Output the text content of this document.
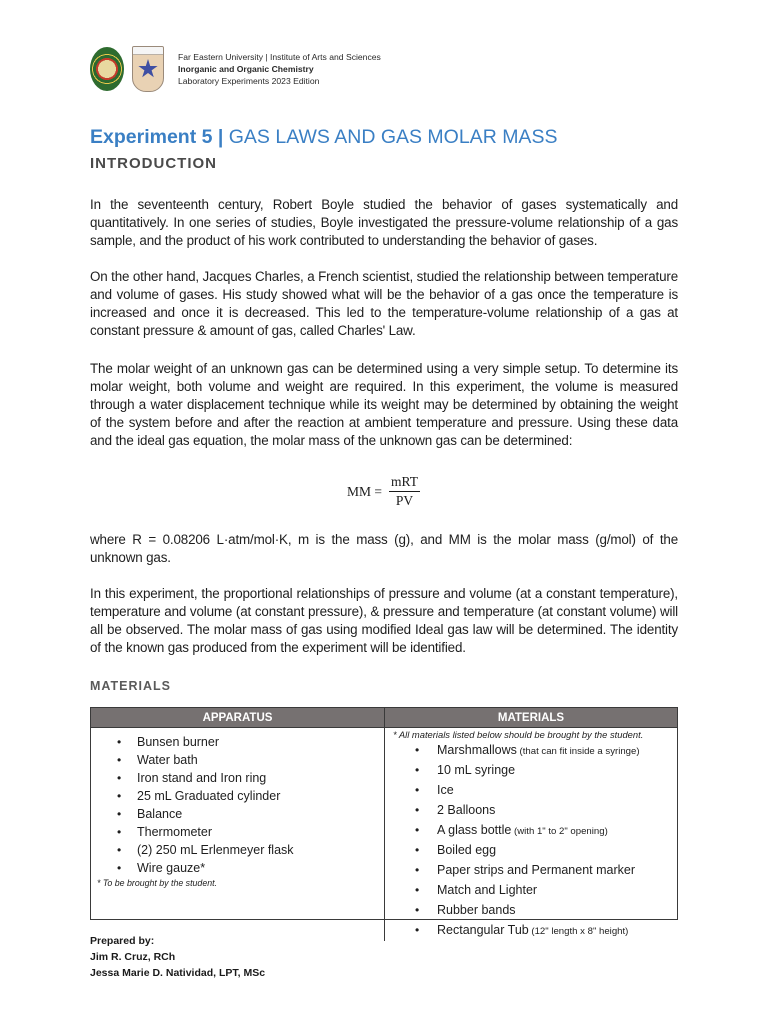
Far Eastern University | Institute of Arts and Sciences
Inorganic and Organic Chemistry
Laboratory Experiments 2023 Edition
Experiment 5 | GAS LAWS AND GAS MOLAR MASS
INTRODUCTION
In the seventeenth century, Robert Boyle studied the behavior of gases systematically and quantitatively. In one series of studies, Boyle investigated the pressure-volume relationship of a gas sample, and the product of his work contributed to understanding the behavior of gases.
On the other hand, Jacques Charles, a French scientist, studied the relationship between temperature and volume of gases. His study showed what will be the behavior of a gas once the temperature is increased and once it is decreased. This led to the temperature-volume relationship of a gas at constant pressure & amount of gas, called Charles' Law.
The molar weight of an unknown gas can be determined using a very simple setup. To determine its molar weight, both volume and weight are required. In this experiment, the volume is measured through a water displacement technique while its weight may be determined by obtaining the weight of the system before and after the reaction at ambient temperature and pressure. Using these data and the ideal gas equation, the molar mass of the unknown gas can be determined:
MM = $\frac{\text{mRT}}{PV}$
where R = 0.08206 L·atm/mol·K, m is the mass (g), and MM is the molar mass (g/mol) of the unknown gas.
In this experiment, the proportional relationships of pressure and volume (at a constant temperature), temperature and volume (at constant pressure), & pressure and temperature (at constant volume) will all be observed. The molar mass of gas using modified Ideal gas law will be determined. The identity of the known gas produced from the experiment will be identified.
MATERIALS
APPARATUS	MATERIALS
• Bunsen burner
• Water bath
• Iron stand and Iron ring
• 25 mL Graduated cylinder
• Balance
• Thermometer
• (2) 250 mL Erlenmeyer flask
• Wire gauze*
* To be brought by the student.
* All materials listed below should be brought by the student.
• Marshmallows (that can fit inside a syringe)
• 10 mL syringe
• Ice
• 2 Balloons
• A glass bottle (with 1" to 2" opening)
• Boiled egg
• Paper strips and Permanent marker
• Match and Lighter
• Rubber bands
• Rectangular Tub (12" length x 8" height)
Prepared by:
Jim R. Cruz, RCh
Jessa Marie D. Natividad, LPT, MSc
